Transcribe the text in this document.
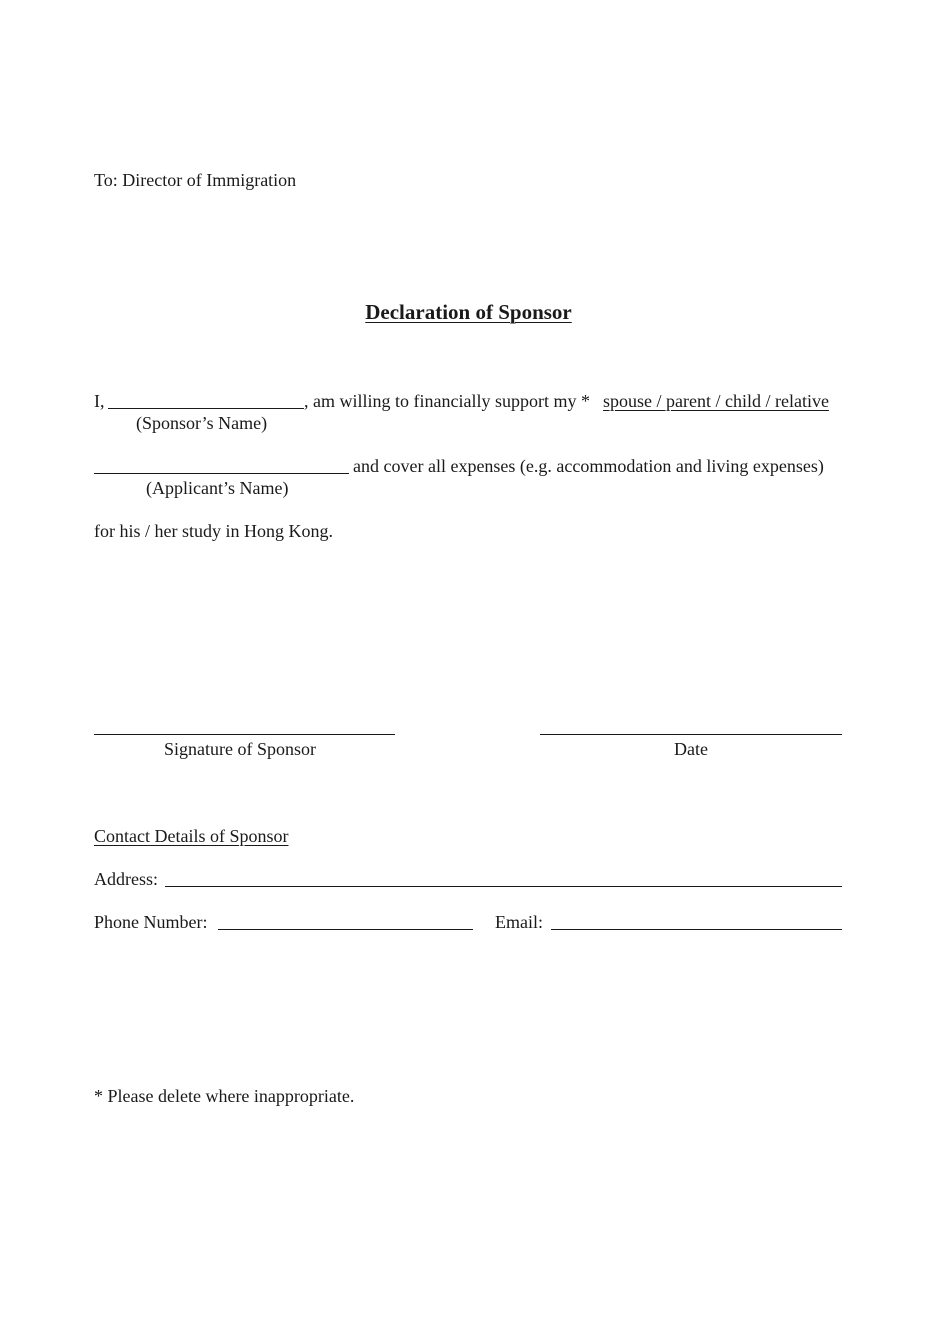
To: Director of Immigration
Declaration of Sponsor
I,	, am willing to financially support my * spouse / parent / child / relative
(Sponsor’s Name)
and cover all expenses (e.g. accommodation and living expenses)
(Applicant’s Name)
for his / her study in Hong Kong.
Signature of Sponsor	Date
Contact Details of Sponsor
Address:
Phone Number:	Email:
* Please delete where inappropriate.
